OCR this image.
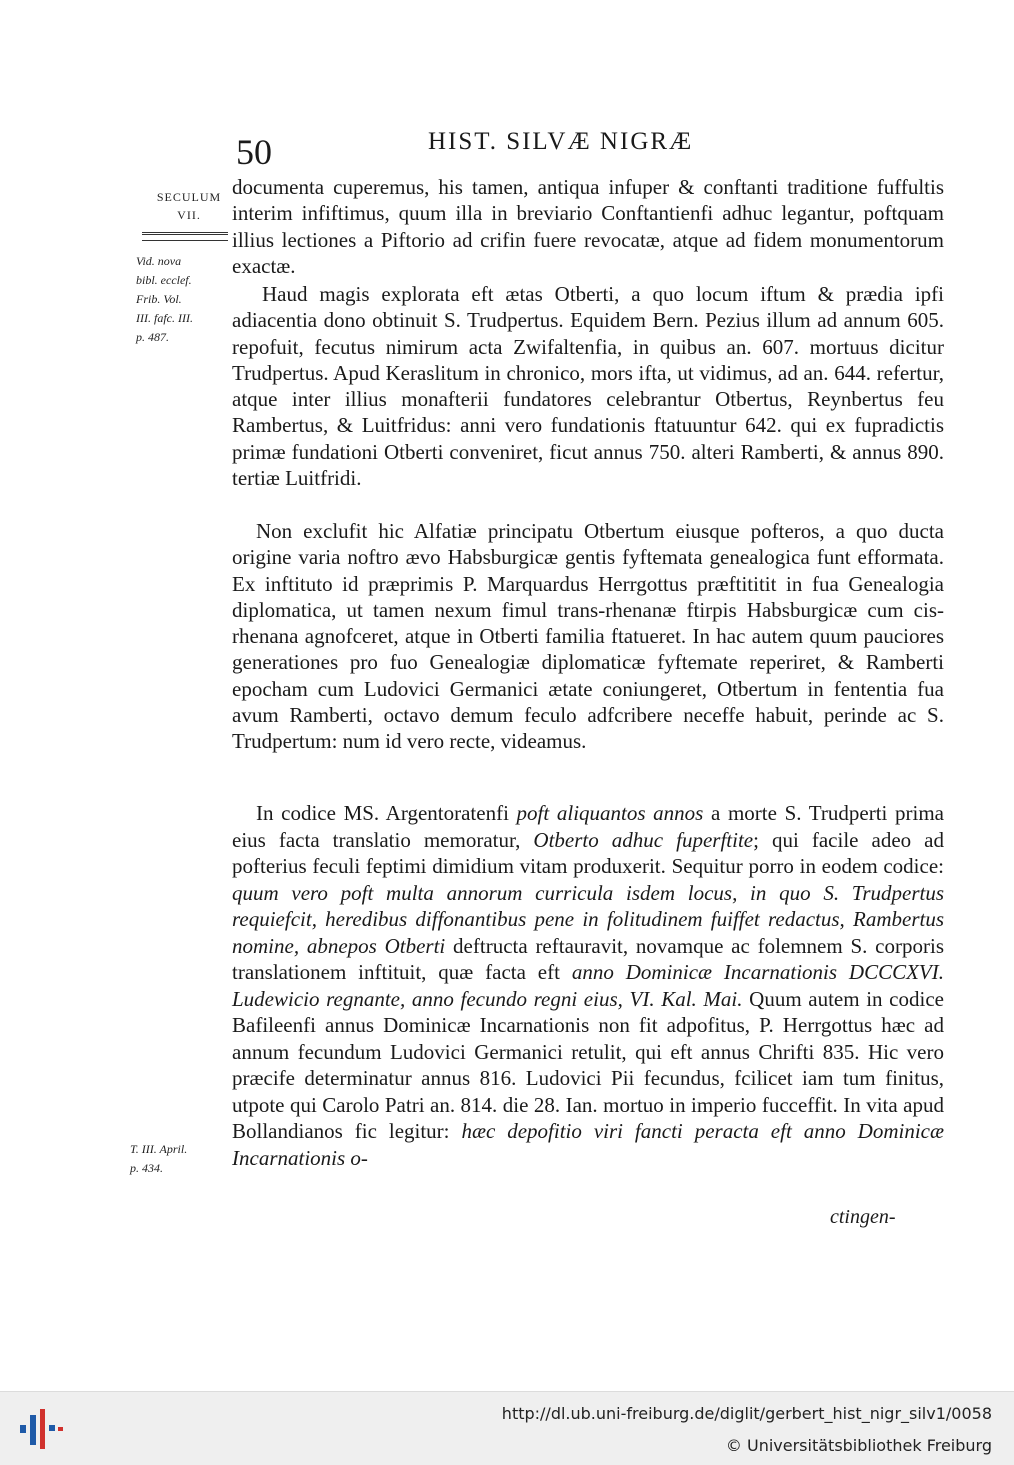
50	HIST. SILVÆ NIGRÆ
SECULUM
VII.
Vid. nova
bibl. ecclef.
Frib. Vol.
III. fafc. III.
p. 487.
T. III. April.
p. 434.

documenta cuperemus, his tamen, antiqua infuper & conftanti traditione fuffultis interim infiftimus, quum illa in breviario Conftantienfi adhuc legantur, poftquam illius lectiones a Piftorio ad crifin fuere revocatæ, atque ad fidem monumentorum exactæ.

Haud magis explorata eft ætas Otberti, a quo locum iftum & prædia ipfi adiacentia dono obtinuit S. Trudpertus. Equidem Bern. Pezius illum ad annum 605. repofuit, fecutus nimirum acta Zwifaltenfia, in quibus an. 607. mortuus dicitur Trudpertus. Apud Keraslitum in chronico, mors ifta, ut vidimus, ad an. 644. refertur, atque inter illius monafterii fundatores celebrantur Otbertus, Reynbertus feu Rambertus, & Luitfridus: anni vero fundationis ftatuuntur 642. qui ex fupradictis primæ fundationi Otberti conveniret, ficut annus 750. alteri Ramberti, & annus 890. tertiæ Luitfridi.

Non exclufit hic Alfatiæ principatu Otbertum eiusque pofteros, a quo ducta origine varia noftro ævo Habsburgicæ gentis fyftemata genealogica funt efformata. Ex inftituto id præprimis P. Marquardus Herrgottus præftititit in fua Genealogia diplomatica, ut tamen nexum fimul trans-rhenanæ ftirpis Habsburgicæ cum cis-rhenana agnofceret, atque in Otberti familia ftatueret. In hac autem quum pauciores generationes pro fuo Genealogiæ diplomaticæ fyftemate reperiret, & Ramberti epocham cum Ludovici Germanici ætate coniungeret, Otbertum in fententia fua avum Ramberti, octavo demum feculo adfcribere neceffe habuit, perinde ac S. Trudpertum: num id vero recte, videamus.

In codice MS. Argentoratenfi poft aliquantos annos a morte S. Trudperti prima eius facta translatio memoratur, Otberto adhuc fuperftite; qui facile adeo ad pofterius feculi feptimi dimidium vitam produxerit. Sequitur porro in eodem codice: quum vero poft multa annorum curricula isdem locus, in quo S. Trudpertus requiefcit, heredibus diffonantibus pene in folitudinem fuiffet redactus, Rambertus nomine, abnepos Otberti deftructa reftauravit, novamque ac folemnem S. corporis translationem inftituit, quæ facta eft anno Dominicæ Incarnationis DCCCXVI. Ludewicio regnante, anno fecundo regni eius, VI. Kal. Mai. Quum autem in codice Bafileenfi annus Dominicæ Incarnationis non fit adpofitus, P. Herrgottus hæc ad annum fecundum Ludovici Germanici retulit, qui eft annus Chrifti 835. Hic vero præcife determinatur annus 816. Ludovici Pii fecundus, fcilicet iam tum finitus, utpote qui Carolo Patri an. 814. die 28. Ian. mortuo in imperio fucceffit. In vita apud Bollandianos fic legitur: hæc depofitio viri fancti peracta eft anno Dominicæ Incarnationis o-

ctingen-
http://dl.ub.uni-freiburg.de/diglit/gerbert_hist_nigr_silv1/0058
© Universitätsbibliothek Freiburg
